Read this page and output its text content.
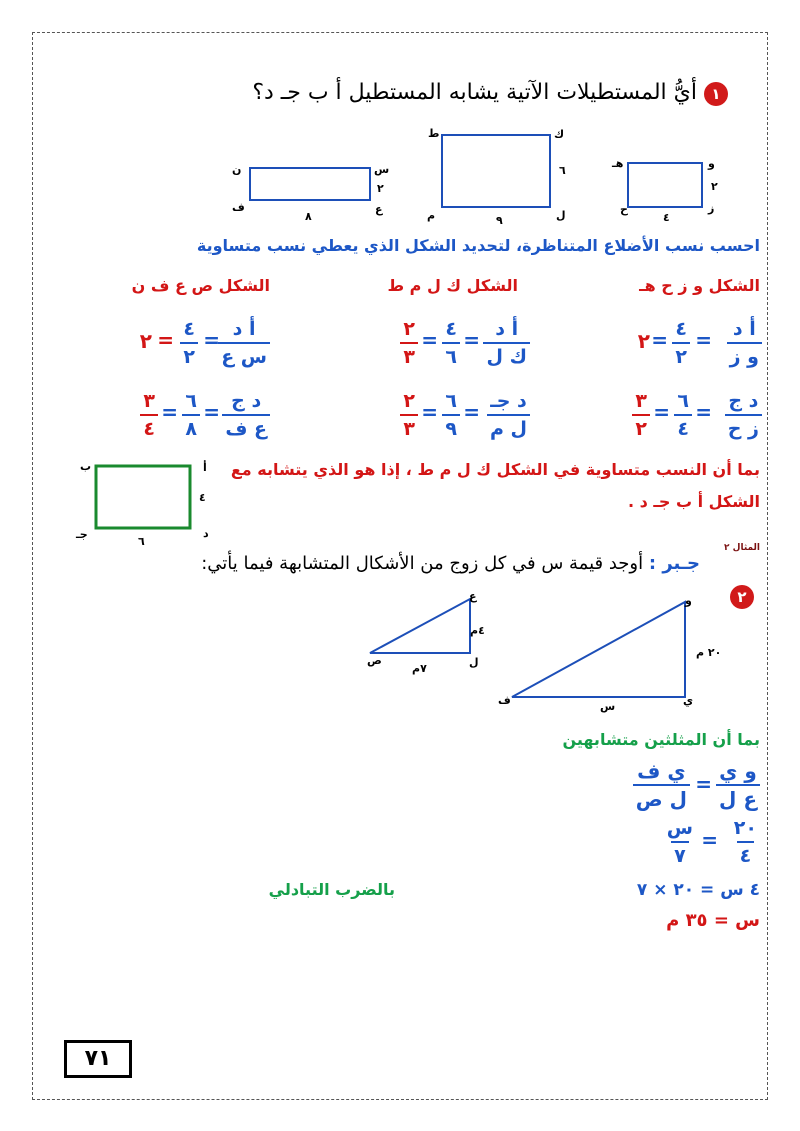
١ أيُّ المستطيلات الآتية يشابه المستطيل أ ب جـ د؟
س
ن
ع
ف
٢
٨
ك
ط
ل
م
٦
٩
و
هـ
ز
ح
٢
٤
احسب نسب الأضلاع المتناظرة، لتحديد الشكل الذي يعطي نسب متساوية
الشكل و ز ح هـ
الشكل ك ل م ط
الشكل ص ع ف ن
أ د
و ز
=
٤
٢
=
٢
د ج
ز ح
=
٦
٤
=
٣
٢
أ د
ك ل
=
٤
٦
=
٢
٣
د جـ
ل م
=
٦
٩
=
٢
٣
أ د
س ع
=
٤
٢
=
٢
د ج
ع ف
=
٦
٨
=
٣
٤
بما أن النسب متساوية في الشكل ك ل م ط ، إذا هو الذي يتشابه مع
الشكل أ ب جـ د .
أ
ب
د
جـ
٤
٦	المثال ٢
جـبر : أوجد قيمة س في كل زوج من الأشكال المتشابهة فيما يأتي:
٢
ع
ل
ص
٤م
٧م
و
ي
ف
٢٠ م
س
بما أن المثلثين متشابهين
و ي
ع ل
=
ي ف
ل ص
٢٠
٤
=
س
٧
٤ س = ٢٠ × ٧
بالضرب التبادلي
س = ٣٥ م
٧١
